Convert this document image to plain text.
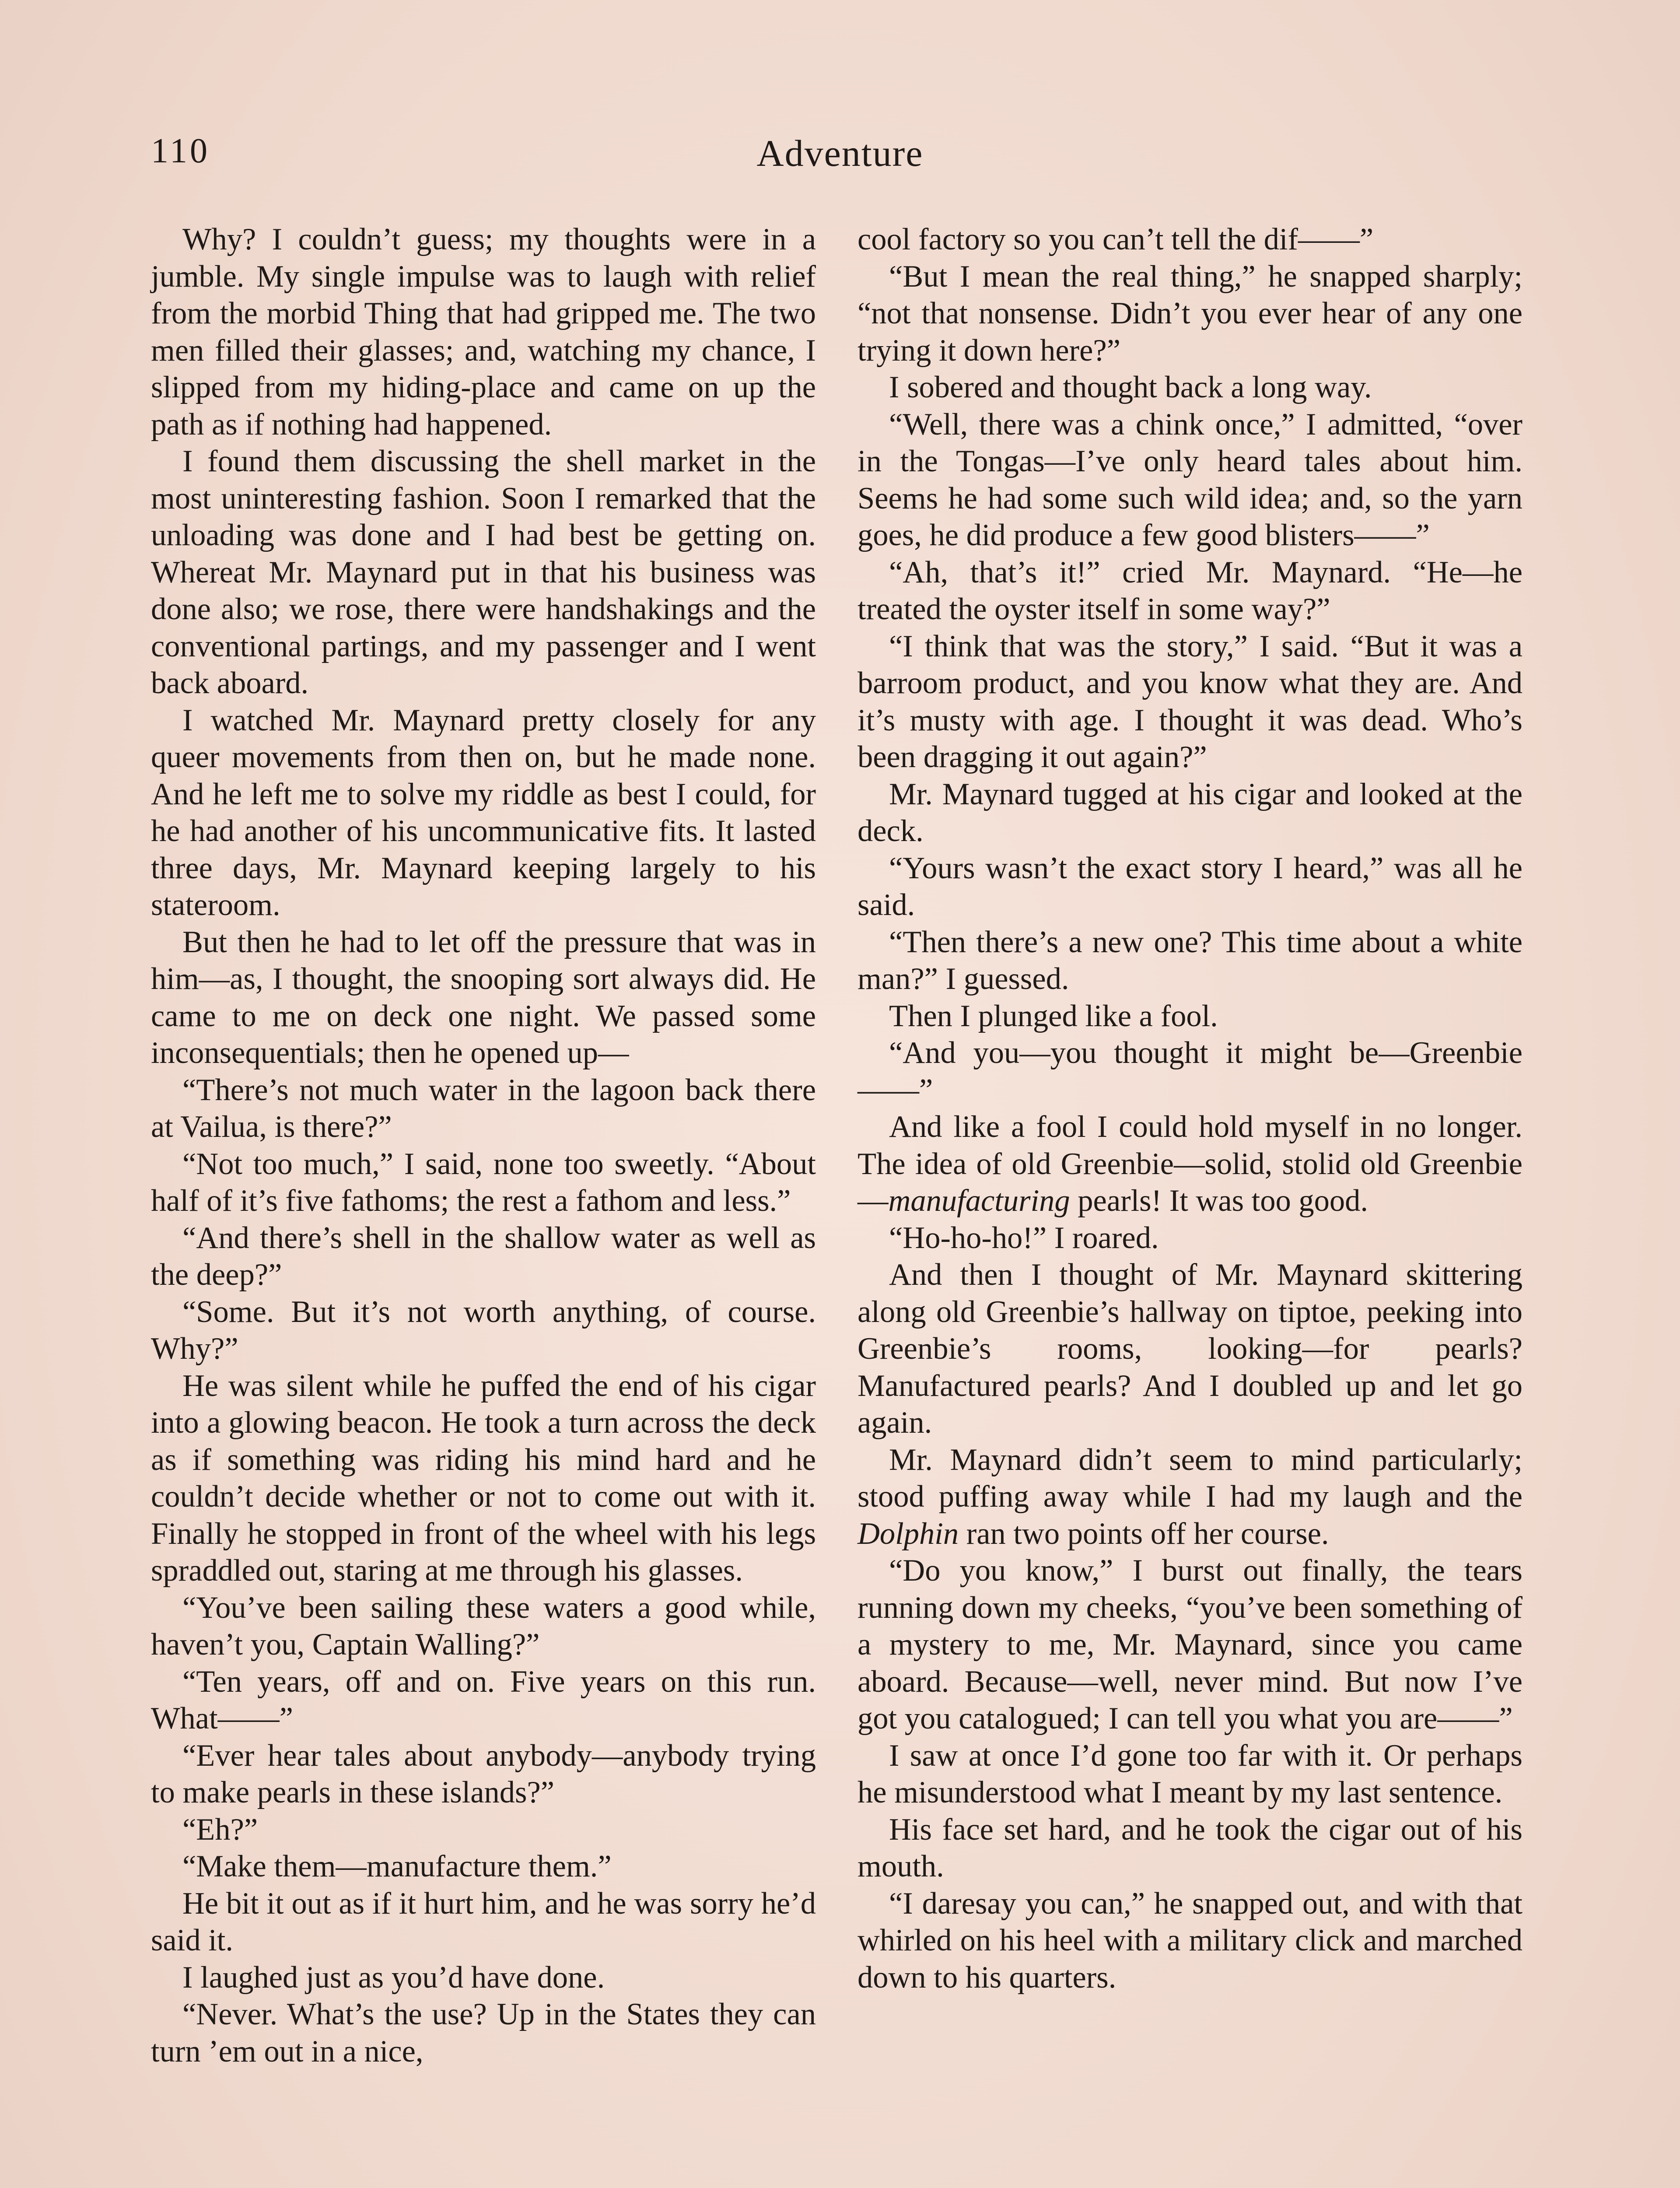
110	Adventure

Why? I couldn’t guess; my thoughts were in a jumble. My single impulse was to laugh with relief from the morbid Thing that had gripped me. The two men filled their glasses; and, watching my chance, I slipped from my hiding-place and came on up the path as if nothing had happened.

I found them discussing the shell market in the most uninteresting fashion. Soon I remarked that the unloading was done and I had best be getting on. Whereat Mr. Maynard put in that his business was done also; we rose, there were handshakings and the conventional partings, and my passenger and I went back aboard.

I watched Mr. Maynard pretty closely for any queer movements from then on, but he made none. And he left me to solve my riddle as best I could, for he had another of his uncommunicative fits. It lasted three days, Mr. Maynard keeping largely to his stateroom.

But then he had to let off the pressure that was in him—as, I thought, the snooping sort always did. He came to me on deck one night. We passed some inconsequentials; then he opened up—

“There’s not much water in the lagoon back there at Vailua, is there?”

“Not too much,” I said, none too sweetly. “About half of it’s five fathoms; the rest a fathom and less.”

“And there’s shell in the shallow water as well as the deep?”

“Some. But it’s not worth anything, of course. Why?”

He was silent while he puffed the end of his cigar into a glowing beacon. He took a turn across the deck as if something was riding his mind hard and he couldn’t decide whether or not to come out with it. Finally he stopped in front of the wheel with his legs spraddled out, staring at me through his glasses.

“You’ve been sailing these waters a good while, haven’t you, Captain Walling?”

“Ten years, off and on. Five years on this run. What——”

“Ever hear tales about anybody—anybody trying to make pearls in these islands?”

“Eh?”

“Make them—manufacture them.”

He bit it out as if it hurt him, and he was sorry he’d said it.

I laughed just as you’d have done.

“Never. What’s the use? Up in the States they can turn ’em out in a nice,

cool factory so you can’t tell the dif——”

“But I mean the real thing,” he snapped sharply; “not that nonsense. Didn’t you ever hear of any one trying it down here?”

I sobered and thought back a long way.

“Well, there was a chink once,” I admitted, “over in the Tongas—I’ve only heard tales about him. Seems he had some such wild idea; and, so the yarn goes, he did produce a few good blisters——”

“Ah, that’s it!” cried Mr. Maynard. “He—he treated the oyster itself in some way?”

“I think that was the story,” I said. “But it was a barroom product, and you know what they are. And it’s musty with age. I thought it was dead. Who’s been dragging it out again?”

Mr. Maynard tugged at his cigar and looked at the deck.

“Yours wasn’t the exact story I heard,” was all he said.

“Then there’s a new one? This time about a white man?” I guessed.

Then I plunged like a fool.

“And you—you thought it might be—Greenbie——”

And like a fool I could hold myself in no longer. The idea of old Greenbie—solid, stolid old Greenbie—manufacturing pearls! It was too good.

“Ho-ho-ho!” I roared.

And then I thought of Mr. Maynard skittering along old Greenbie’s hallway on tiptoe, peeking into Greenbie’s rooms, looking—for pearls? Manufactured pearls? And I doubled up and let go again.

Mr. Maynard didn’t seem to mind particularly; stood puffing away while I had my laugh and the Dolphin ran two points off her course.

“Do you know,” I burst out finally, the tears running down my cheeks, “you’ve been something of a mystery to me, Mr. Maynard, since you came aboard. Because—well, never mind. But now I’ve got you catalogued; I can tell you what you are——”

I saw at once I’d gone too far with it. Or perhaps he misunderstood what I meant by my last sentence.

His face set hard, and he took the cigar out of his mouth.

“I daresay you can,” he snapped out, and with that whirled on his heel with a military click and marched down to his quarters.
